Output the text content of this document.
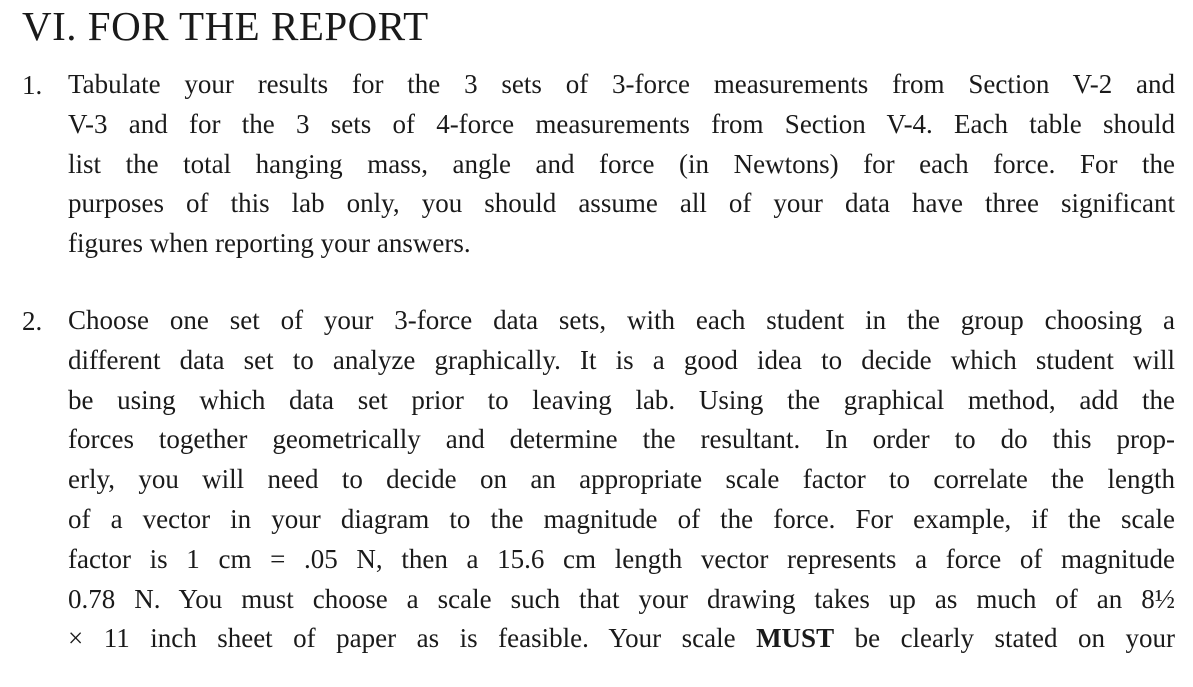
VI. FOR THE REPORT
1. Tabulate your results for the 3 sets of 3-force measurements from Section V-2 and
V-3 and for the 3 sets of 4-force measurements from Section V-4. Each table should
list the total hanging mass, angle and force (in Newtons) for each force. For the
purposes of this lab only, you should assume all of your data have three significant
figures when reporting your answers.
2. Choose one set of your 3-force data sets, with each student in the group choosing a
different data set to analyze graphically. It is a good idea to decide which student will
be using which data set prior to leaving lab. Using the graphical method, add the
forces together geometrically and determine the resultant. In order to do this prop-
erly, you will need to decide on an appropriate scale factor to correlate the length
of a vector in your diagram to the magnitude of the force. For example, if the scale
factor is 1 cm = .05 N, then a 15.6 cm length vector represents a force of magnitude
0.78 N. You must choose a scale such that your drawing takes up as much of an 8½
× 11 inch sheet of paper as is feasible. Your scale MUST be clearly stated on your
